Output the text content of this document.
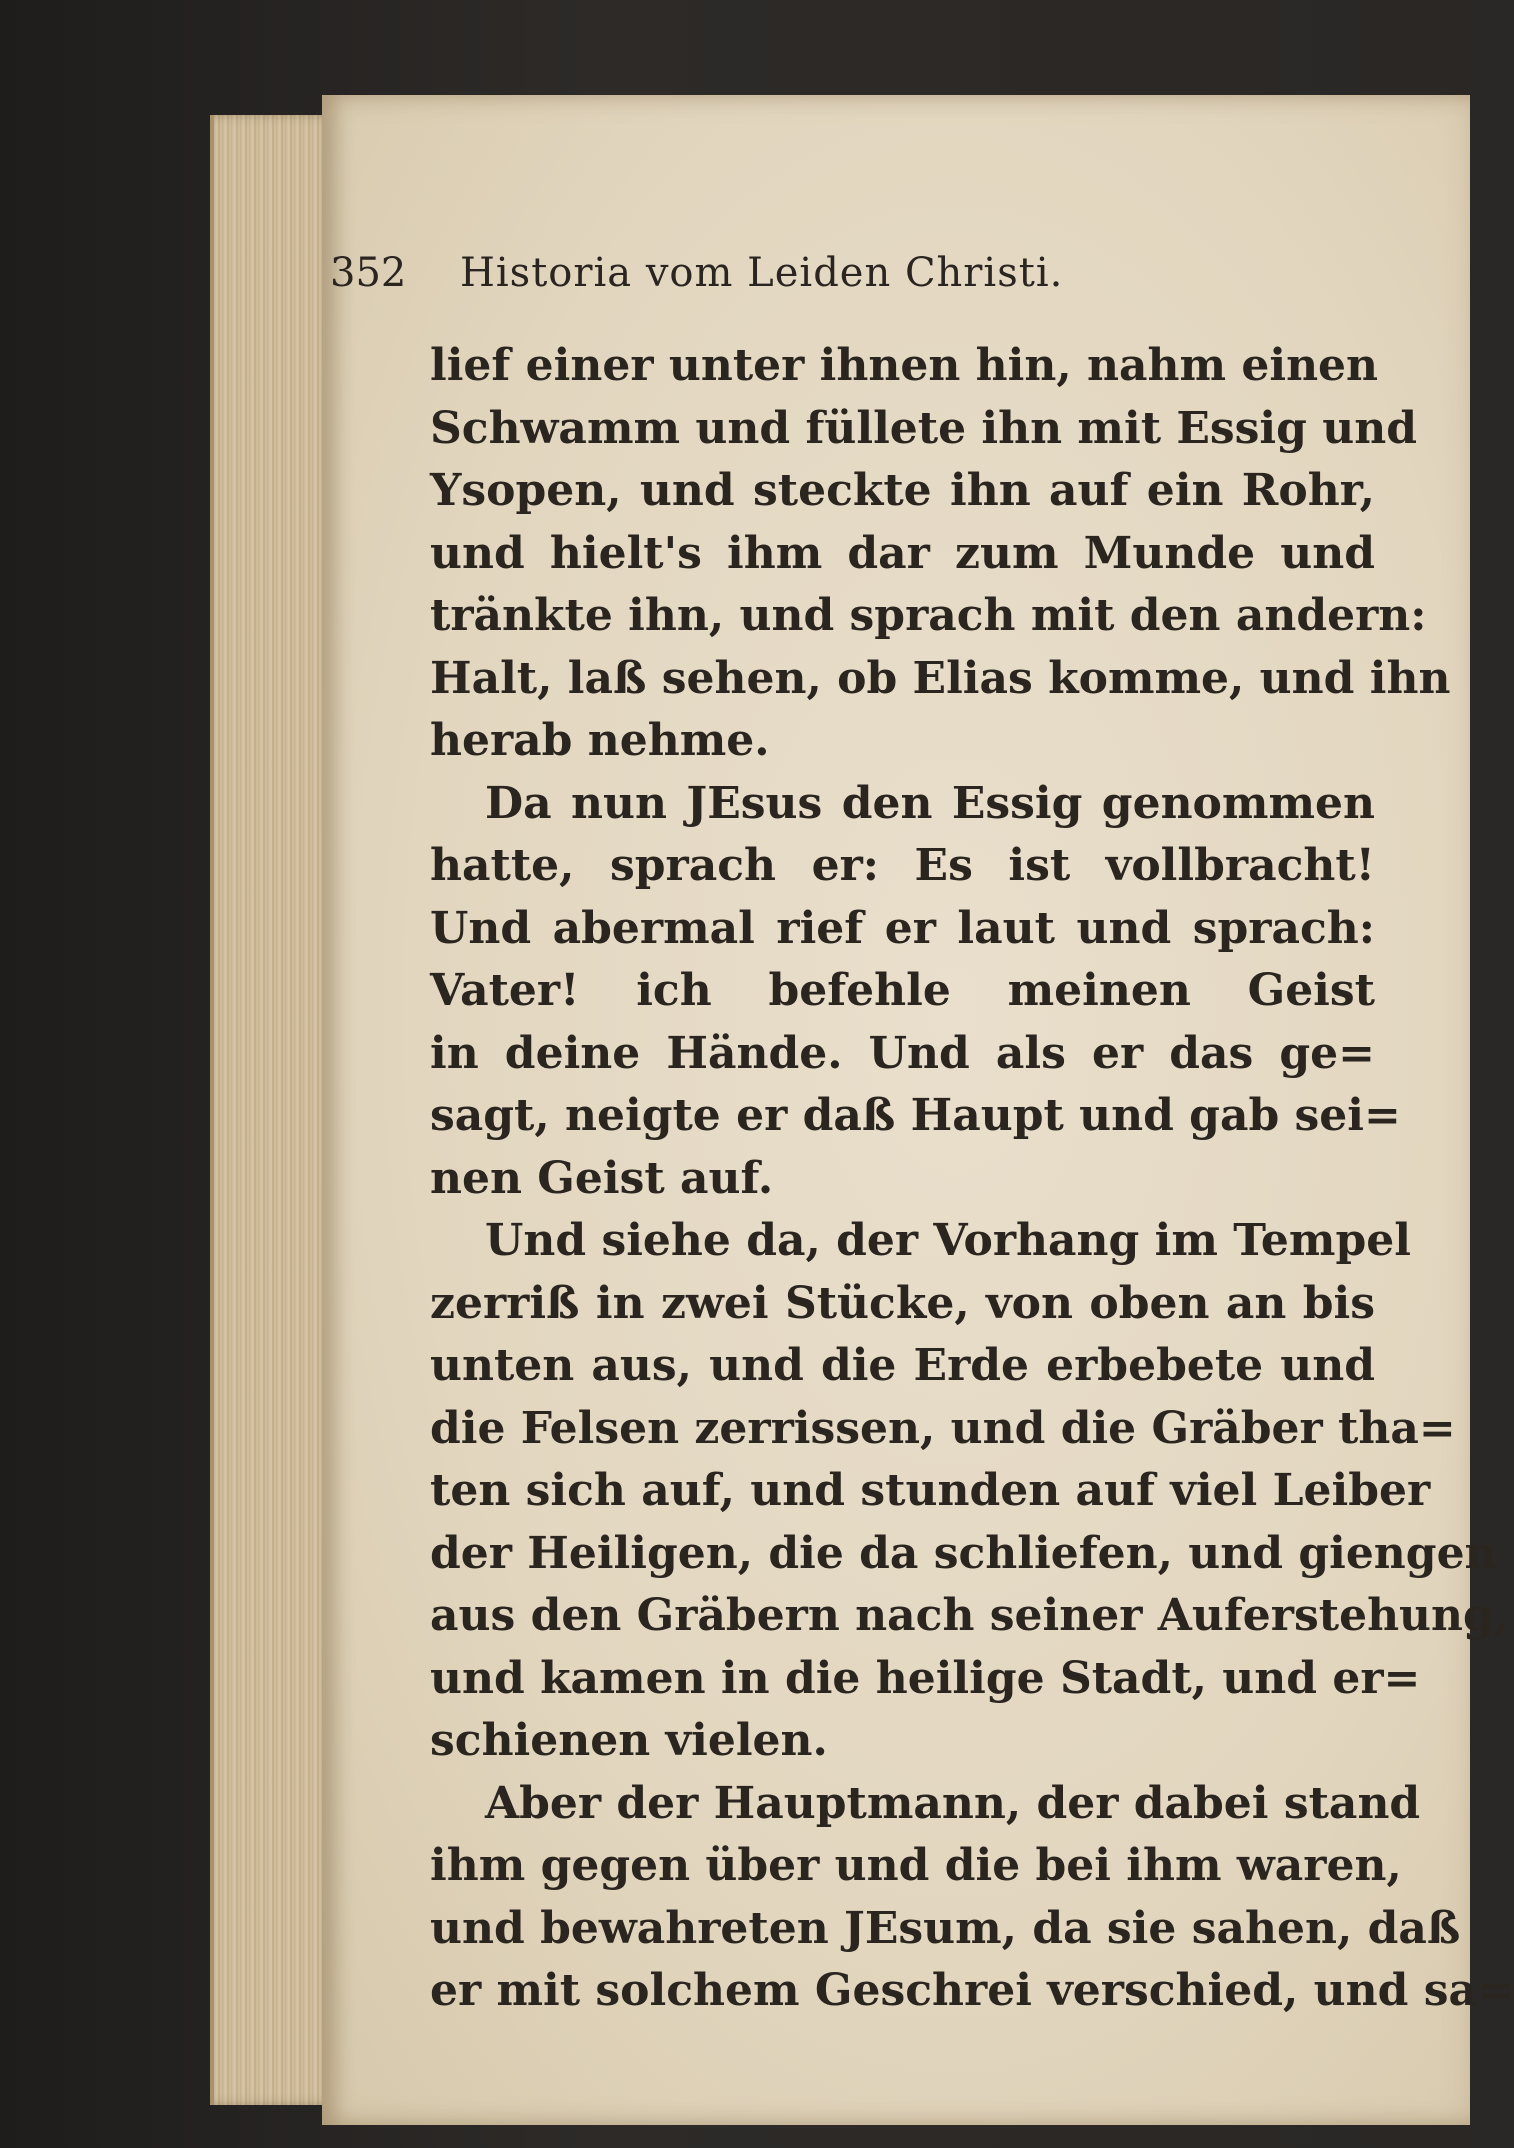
352 Historia vom Leiden Christi.
lief einer unter ihnen hin, nahm einen
Schwamm und füllete ihn mit Essig und
Ysopen, und steckte ihn auf ein Rohr,
und hielt's ihm dar zum Munde und
tränkte ihn, und sprach mit den andern:
Halt, laß sehen, ob Elias komme, und ihn
herab nehme.
Da nun JEsus den Essig genommen
hatte, sprach er: Es ist vollbracht!
Und abermal rief er laut und sprach:
Vater! ich befehle meinen Geist
in deine Hände. Und als er das ge=
sagt, neigte er daß Haupt und gab sei=
nen Geist auf.
Und siehe da, der Vorhang im Tempel
zerriß in zwei Stücke, von oben an bis
unten aus, und die Erde erbebete und
die Felsen zerrissen, und die Gräber tha=
ten sich auf, und stunden auf viel Leiber
der Heiligen, die da schliefen, und giengen
aus den Gräbern nach seiner Auferstehung,
und kamen in die heilige Stadt, und er=
schienen vielen.
Aber der Hauptmann, der dabei stand
ihm gegen über und die bei ihm waren,
und bewahreten JEsum, da sie sahen, daß
er mit solchem Geschrei verschied, und sa=
